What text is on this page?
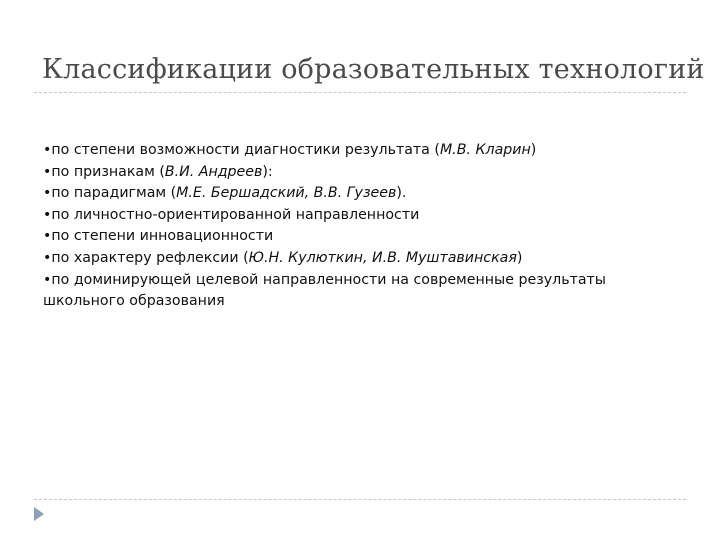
Классификации образовательных технологий
•по степени возможности диагностики результата (М.В. Кларин)
•по признакам (В.И. Андреев):
•по парадигмам (М.Е. Бершадский, В.В. Гузеев).
•по личностно-ориентированной направленности
•по степени инновационности
•по характеру рефлексии (Ю.Н. Кулюткин, И.В. Муштавинская)
•по доминирующей целевой направленности на современные результаты школьного образования
